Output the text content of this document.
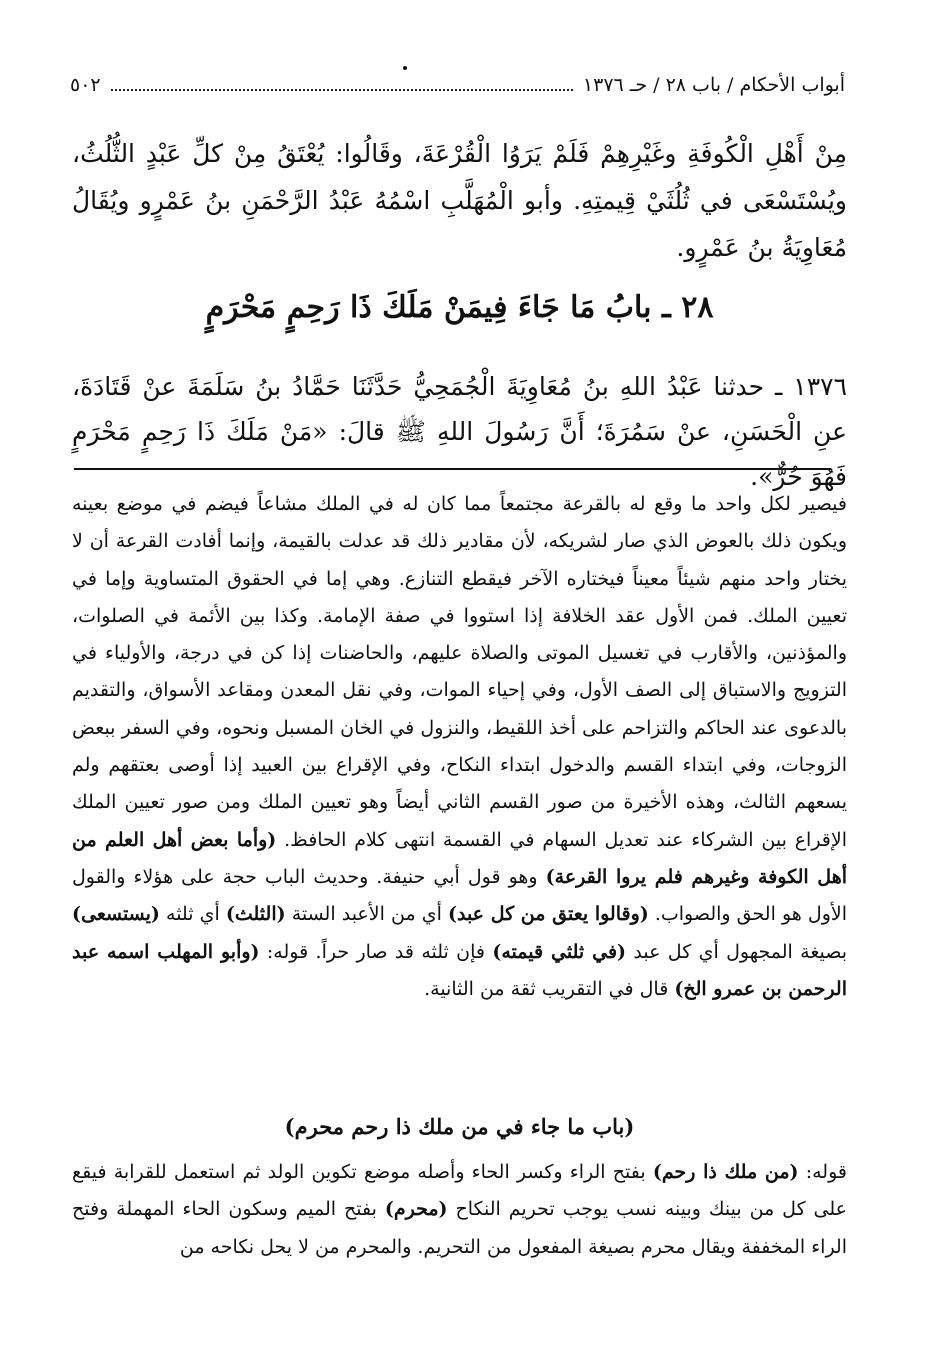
أبواب الأحكام / باب ٢٨ / حـ ١٣٧٦
٥٠٢
مِنْ أَهْلِ الْكُوفَةِ وغَيْرِهِمْ فَلَمْ يَرَوُا الْقُرْعَةَ، وقَالُوا: يُعْتَقُ مِنْ كلِّ عَبْدٍ الثُّلُثُ، ويُسْتَسْعَى في ثُلُثَيْ قِيمتِهِ. وأبو الْمُهَلَّبِ اسْمُهُ عَبْدُ الرَّحْمَنِ بنُ عَمْرٍو ويُقَالُ مُعَاوِيَةُ بنُ عَمْرٍو.
٢٨ ـ بابُ مَا جَاءَ فِيمَنْ مَلَكَ ذَا رَحِمٍ مَحْرَمٍ
١٣٧٦ ـ حدثنا عَبْدُ اللهِ بنُ مُعَاوِيَةَ الْجُمَحِيُّ حَدَّثَنَا حَمَّادُ بنُ سَلَمَةَ عنْ قَتَادَةَ، عنِ الْحَسَنِ، عنْ سَمُرَةَ؛ أَنَّ رَسُولَ اللهِ ﷺ قالَ: «مَنْ مَلَكَ ذَا رَحِمٍ مَحْرَمٍ فَهُوَ حُرٌّ».
فيصير لكل واحد ما وقع له بالقرعة مجتمعاً مما كان له في الملك مشاعاً فيضم في موضع بعينه ويكون ذلك بالعوض الذي صار لشريكه، لأن مقادير ذلك قد عدلت بالقيمة، وإنما أفادت القرعة أن لا يختار واحد منهم شيئاً معيناً فيختاره الآخر فيقطع التنازع. وهي إما في الحقوق المتساوية وإما في تعيين الملك. فمن الأول عقد الخلافة إذا استووا في صفة الإمامة. وكذا بين الأئمة في الصلوات، والمؤذنين، والأقارب في تغسيل الموتى والصلاة عليهم، والحاضنات إذا كن في درجة، والأولياء في التزويج والاستباق إلى الصف الأول، وفي إحياء الموات، وفي نقل المعدن ومقاعد الأسواق، والتقديم بالدعوى عند الحاكم والتزاحم على أخذ اللقيط، والنزول في الخان المسبل ونحوه، وفي السفر ببعض الزوجات، وفي ابتداء القسم والدخول ابتداء النكاح، وفي الإقراع بين العبيد إذا أوصى بعتقهم ولم يسعهم الثالث، وهذه الأخيرة من صور القسم الثاني أيضاً وهو تعيين الملك ومن صور تعيين الملك الإقراع بين الشركاء عند تعديل السهام في القسمة انتهى كلام الحافظ. (وأما بعض أهل العلم من أهل الكوفة وغيرهم فلم يروا القرعة) وهو قول أبي حنيفة. وحديث الباب حجة على هؤلاء والقول الأول هو الحق والصواب. (وقالوا يعتق من كل عبد) أي من الأعبد الستة (الثلث) أي ثلثه (يستسعى) بصيغة المجهول أي كل عبد (في ثلثي قيمته) فإن ثلثه قد صار حراً. قوله: (وأبو المهلب اسمه عبد الرحمن بن عمرو الخ) قال في التقريب ثقة من الثانية.
(باب ما جاء في من ملك ذا رحم محرم)
قوله: (من ملك ذا رحم) بفتح الراء وكسر الحاء وأصله موضع تكوين الولد ثم استعمل للقرابة فيقع على كل من بينك وبينه نسب يوجب تحريم النكاح (محرم) بفتح الميم وسكون الحاء المهملة وفتح الراء المخففة ويقال محرم بصيغة المفعول من التحريم. والمحرم من لا يحل نكاحه من
